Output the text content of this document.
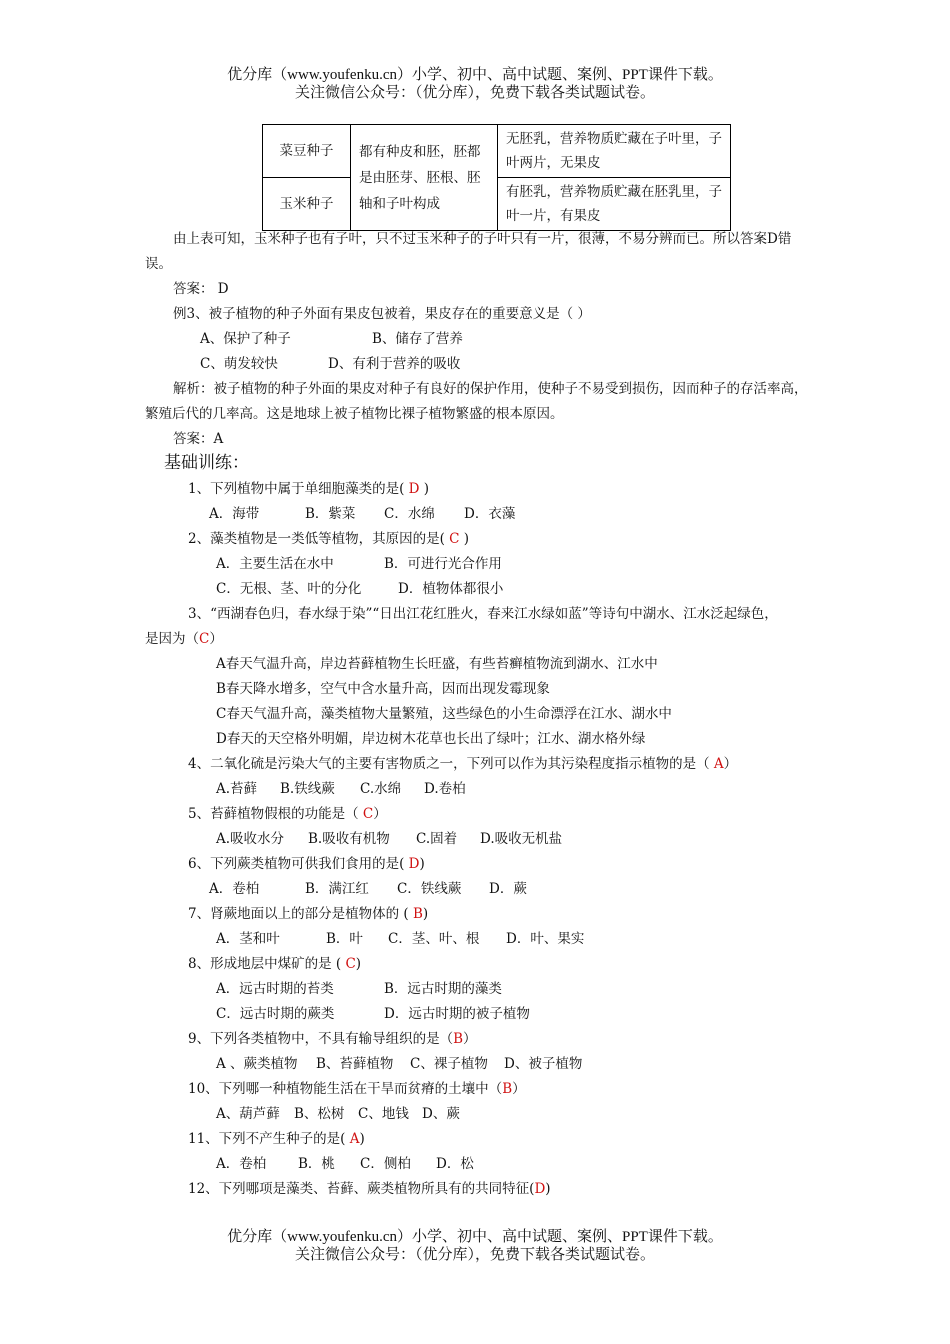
优分库（www.youfenku.cn）小学、初中、高中试题、案例、PPT课件下载。
关注微信公众号：（优分库），免费下载各类试题试卷。
菜豆种子	都有种皮和胚，胚都是由胚芽、胚根、胚轴和子叶构成	无胚乳，营养物质贮藏在子叶里，子叶两片，无果皮
玉米种子		有胚乳，营养物质贮藏在胚乳里，子叶一片，有果皮
由上表可知，玉米种子也有子叶，只不过玉米种子的子叶只有一片，很薄，不易分辨而已。所以答案D错
误。
答案： D
例3、被子植物的种子外面有果皮包被着，果皮存在的重要意义是（ ）
A、保护了种子	B、储存了营养
C、萌发较快	D、有利于营养的吸收
解析：被子植物的种子外面的果皮对种子有良好的保护作用，使种子不易受到损伤，因而种子的存活率高，
繁殖后代的几率高。这是地球上被子植物比裸子植物繁盛的根本原因。
答案：A
基础训练：
1、下列植物中属于单细胞藻类的是( D )
A．海带	B．紫菜 C．水绵 D．衣藻
2、藻类植物是一类低等植物，其原因的是( C )
A．主要生活在水中	B．可进行光合作用
C．无根、茎、叶的分化	D．植物体都很小
3、“西湖春色归，春水绿于染”“日出江花红胜火，春来江水绿如蓝”等诗句中湖水、江水泛起绿色，
是因为（C）
A春天气温升高，岸边苔藓植物生长旺盛，有些苔癣植物流到湖水、江水中
B春天降水增多，空气中含水量升高，因而出现发霉现象
C春天气温升高，藻类植物大量繁殖，这些绿色的小生命漂浮在江水、湖水中
D春天的天空格外明媚，岸边树木花草也长出了绿叶；江水、湖水格外绿
4、二氧化硫是污染大气的主要有害物质之一，下列可以作为其污染程度指示植物的是（ A）
A.苔藓 B.铁线蕨 C.水绵 D.卷柏
5、苔藓植物假根的功能是（ C）
A.吸收水分 B.吸收有机物 C.固着 D.吸收无机盐
6、下列蕨类植物可供我们食用的是( D)
A．卷柏	B．满江红 C．铁线蕨 D．蕨
7、肾蕨地面以上的部分是植物体的 ( B)
A．茎和叶	B．叶 C．茎、叶、根 D．叶、果实
8、形成地层中煤矿的是 ( C)
A．远古时期的苔类	B．远古时期的藻类
C．远古时期的蕨类	D．远古时期的被子植物
9、下列各类植物中，不具有输导组织的是（B）
A 、蕨类植物 B、苔藓植物 C、裸子植物 D、被子植物
10、下列哪一种植物能生活在干旱而贫瘠的土壤中（B）
A、葫芦藓 B、松树 C、地钱 D、蕨
11、下列不产生种子的是( A)
A．卷柏 B．桃 C．侧柏 D．松
12、下列哪项是藻类、苔藓、蕨类植物所具有的共同特征(D)
优分库（www.youfenku.cn）小学、初中、高中试题、案例、PPT课件下载。
关注微信公众号：（优分库），免费下载各类试题试卷。
